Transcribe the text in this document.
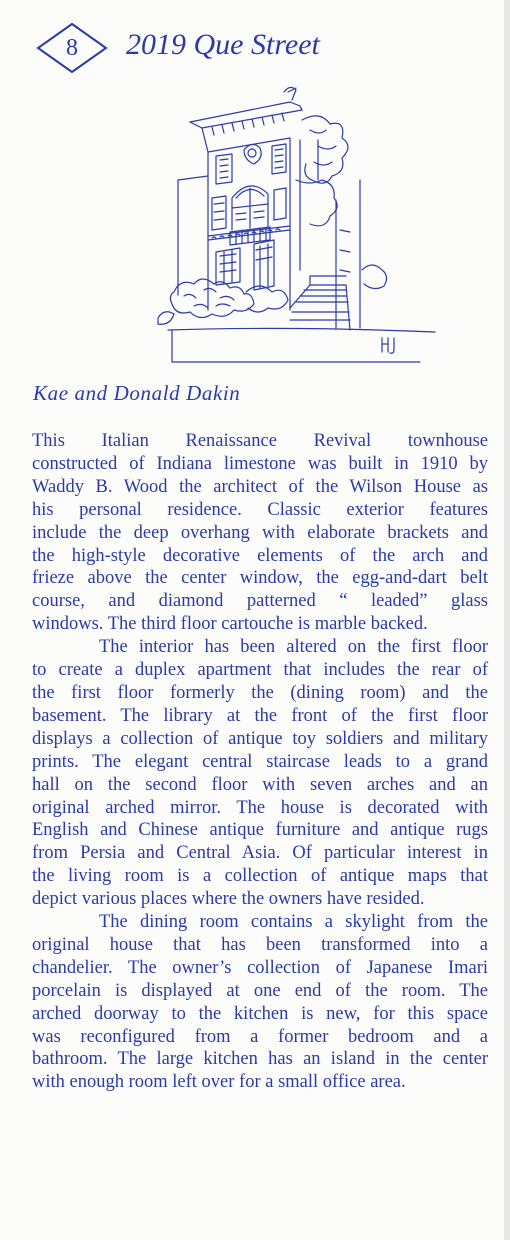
8	2019 Que Street
Kae and Donald Dakin

This Italian Renaissance Revival townhouse
constructed of Indiana limestone was built in 1910 by
Waddy B. Wood the architect of the Wilson House as
his personal residence. Classic exterior features
include the deep overhang with elaborate brackets and
the high-style decorative elements of the arch and
frieze above the center window, the egg-and-dart belt
course, and diamond patterned “ leaded” glass
windows. The third floor cartouche is marble backed.

The interior has been altered on the first floor
to create a duplex apartment that includes the rear of
the first floor formerly the (dining room) and the
basement. The library at the front of the first floor
displays a collection of antique toy soldiers and military
prints. The elegant central staircase leads to a grand
hall on the second floor with seven arches and an
original arched mirror. The house is decorated with
English and Chinese antique furniture and antique rugs
from Persia and Central Asia. Of particular interest in
the living room is a collection of antique maps that
depict various places where the owners have resided.

The dining room contains a skylight from the
original house that has been transformed into a
chandelier. The owner’s collection of Japanese Imari
porcelain is displayed at one end of the room. The
arched doorway to the kitchen is new, for this space
was reconfigured from a former bedroom and a
bathroom. The large kitchen has an island in the center
with enough room left over for a small office area.
